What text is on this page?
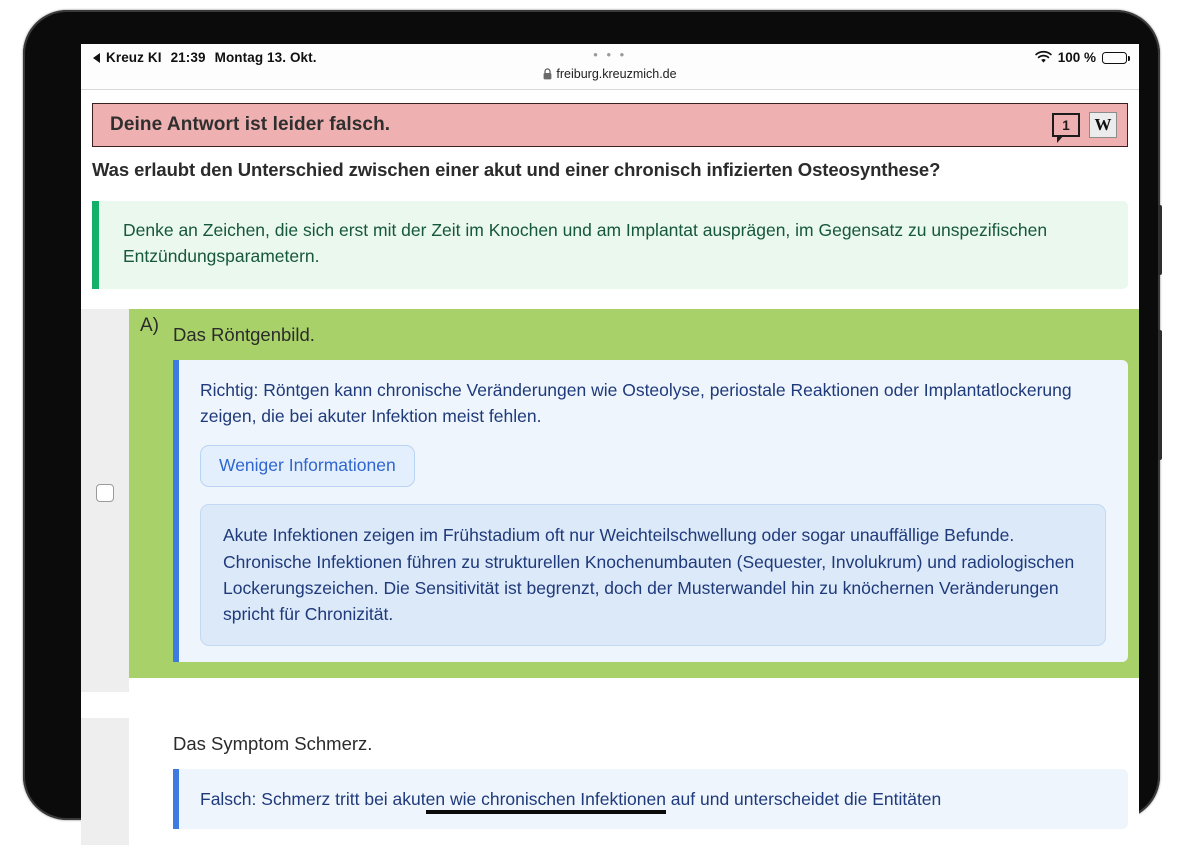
Kreuz KI 21:39 Montag 13. Okt.	• • •
freiburg.kreuzmich.de
100 %
Deine Antwort ist leider falsch.	1	W
Was erlaubt den Unterschied zwischen einer akut und einer chronisch infizierten Osteosynthese?
Denke an Zeichen, die sich erst mit der Zeit im Knochen und am Implantat ausprägen, im Gegensatz zu unspezifischen Entzündungsparametern.
A) Das Röntgenbild.
Richtig: Röntgen kann chronische Veränderungen wie Osteolyse, periostale Reaktionen oder Implantatlockerung zeigen, die bei akuter Infektion meist fehlen.
Weniger Informationen
Akute Infektionen zeigen im Frühstadium oft nur Weichteilschwellung oder sogar unauffällige Befunde. Chronische Infektionen führen zu strukturellen Knochenumbauten (Sequester, Involukrum) und radiologischen Lockerungszeichen. Die Sensitivität ist begrenzt, doch der Musterwandel hin zu knöchernen Veränderungen spricht für Chronizität.
Das Symptom Schmerz.
Falsch: Schmerz tritt bei akuten wie chronischen Infektionen auf und unterscheidet die Entitäten
